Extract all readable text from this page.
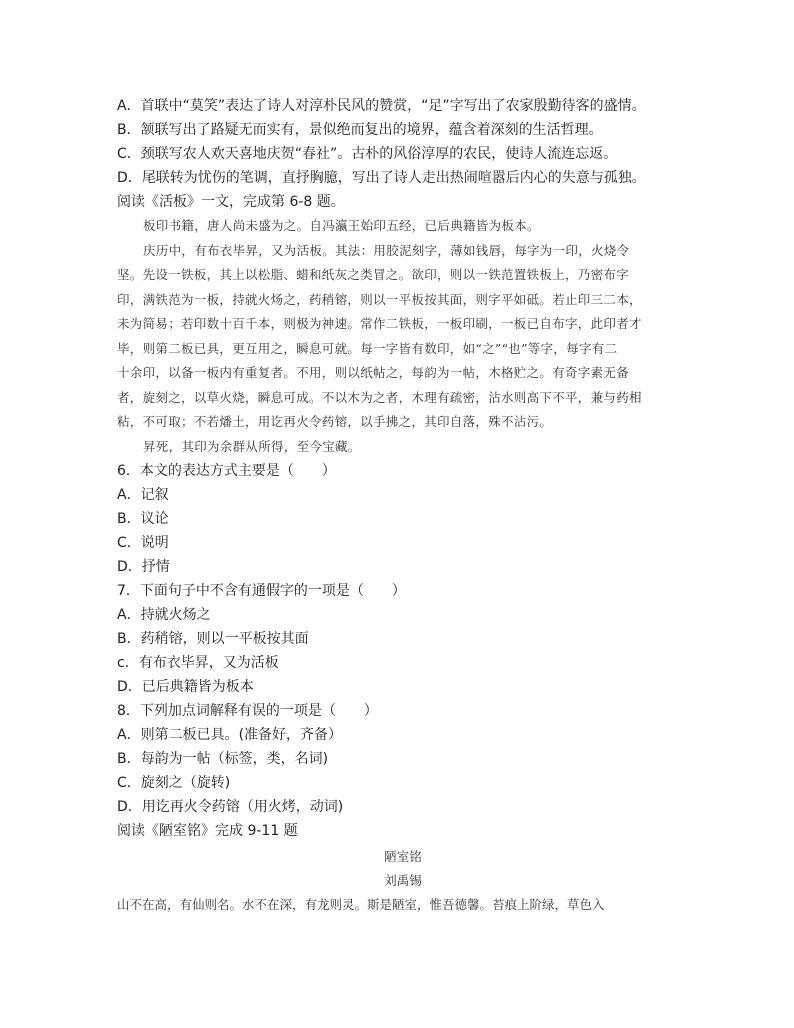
A．首联中“莫笑”表达了诗人对淳朴民风的赞赏，“足”字写出了农家殷勤待客的盛情。
B．颔联写出了路疑无而实有，景似绝而复出的境界，蕴含着深刻的生活哲理。
C．颈联写农人欢天喜地庆贺“春社”。古朴的风俗淳厚的农民，使诗人流连忘返。
D．尾联转为忧伤的笔调，直抒胸臆，写出了诗人走出热闹喧嚣后内心的失意与孤独。
阅读《活板》一文，完成第 6-8 题。
板印书籍，唐人尚未盛为之。自冯瀛王始印五经，已后典籍皆为板本。
庆历中，有布衣毕昇，又为活板。其法：用胶泥刻字，薄如钱唇，每字为一印，火烧令
坚。先设一铁板，其上以松脂、蜡和纸灰之类冒之。欲印，则以一铁范置铁板上，乃密布字
印，满铁范为一板，持就火炀之，药稍镕，则以一平板按其面，则字平如砥。若止印三二本，
未为简易；若印数十百千本，则极为神速。常作二铁板，一板印刷，一板已自布字，此印者才
毕，则第二板已具，更互用之，瞬息可就。每一字皆有数印，如“之”“也”等字，每字有二
十余印，以备一板内有重复者。不用，则以纸帖之，每韵为一帖，木格贮之。有奇字素无备
者，旋刻之，以草火烧，瞬息可成。不以木为之者，木理有疏密，沾水则高下不平，兼与药相
粘，不可取；不若燔土，用讫再火令药镕，以手拂之，其印自落，殊不沾污。
昇死，其印为余群从所得，至今宝藏。
6．本文的表达方式主要是（　　）
A．记叙
B．议论
C．说明
D．抒情
7．下面句子中不含有通假字的一项是（　　）
A．持就火炀之
B．药稍镕，则以一平板按其面
c．有布衣毕昇，又为活板
D．已后典籍皆为板本
8．下列加点词解释有误的一项是（　　）
A．则第二板已具。(准备好，齐备）
B．每韵为一帖（标签，类，名词)
C．旋刻之（旋转)
D．用讫再火令药镕（用火烤，动词)
阅读《陋室铭》完成 9-11 题
陋室铭
刘禹锡
山不在高，有仙则名。水不在深，有龙则灵。斯是陋室，惟吾德馨。苔痕上阶绿，草色入
